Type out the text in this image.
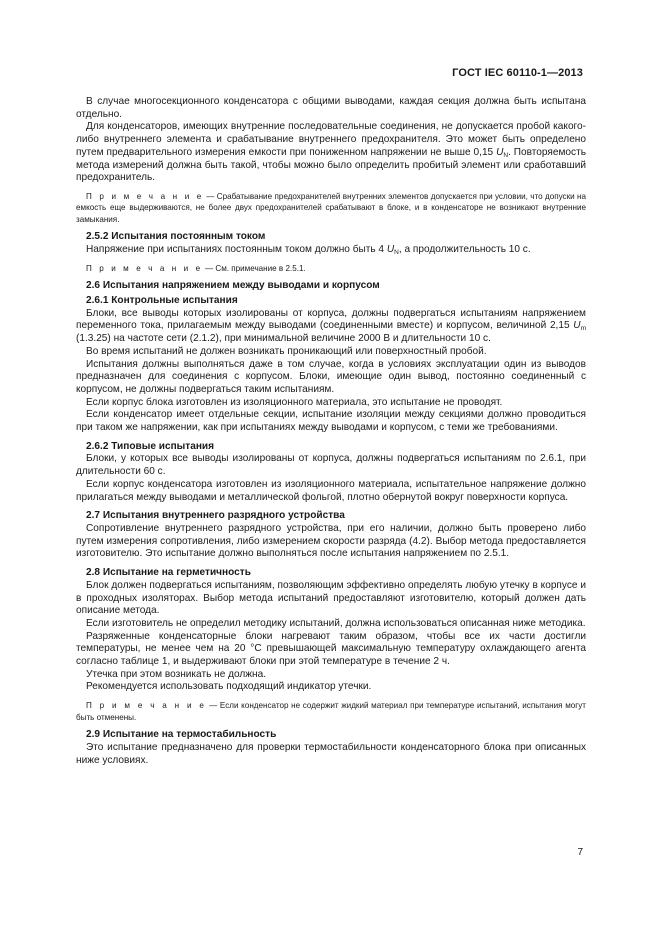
ГОСТ IEC 60110-1—2013

В случае многосекционного конденсатора с общими выводами, каждая секция должна быть испытана отдельно.

Для конденсаторов, имеющих внутренние последовательные соединения, не допускается пробой какого-либо внутреннего элемента и срабатывание внутреннего предохранителя. Это может быть определено путем предварительного измерения емкости при пониженном напряжении не выше 0,15 $U_N$. Повторяемость метода измерений должна быть такой, чтобы можно было определить пробитый элемент или сработавший предохранитель.

П р и м е ч а н и е — Срабатывание предохранителей внутренних элементов допускается при условии, что допуски на емкость еще выдерживаются, не более двух предохранителей срабатывают в блоке, и в конденсаторе не возникают внутренние замыкания.

2.5.2 Испытания постоянным током

Напряжение при испытаниях постоянным током должно быть 4 $U_N$, а продолжительность 10 с.

П р и м е ч а н и е — См. примечание в 2.5.1.

2.6 Испытания напряжением между выводами и корпусом
2.6.1 Контрольные испытания

Блоки, все выводы которых изолированы от корпуса, должны подвергаться испытаниям напряжением переменного тока, прилагаемым между выводами (соединенными вместе) и корпусом, величиной 2,15 $U_m$ (1.3.25) на частоте сети (2.1.2), при минимальной величине 2000 В и длительности 10 с.

Во время испытаний не должен возникать проникающий или поверхностный пробой.

Испытания должны выполняться даже в том случае, когда в условиях эксплуатации один из выводов предназначен для соединения с корпусом. Блоки, имеющие один вывод, постоянно соединенный с корпусом, не должны подвергаться таким испытаниям.

Если корпус блока изготовлен из изоляционного материала, это испытание не проводят.

Если конденсатор имеет отдельные секции, испытание изоляции между секциями должно проводиться при таком же напряжении, как при испытаниях между выводами и корпусом, с теми же требованиями.

2.6.2 Типовые испытания

Блоки, у которых все выводы изолированы от корпуса, должны подвергаться испытаниям по 2.6.1, при длительности 60 с.

Если корпус конденсатора изготовлен из изоляционного материала, испытательное напряжение должно прилагаться между выводами и металлической фольгой, плотно обернутой вокруг поверхности корпуса.

2.7 Испытания внутреннего разрядного устройства

Сопротивление внутреннего разрядного устройства, при его наличии, должно быть проверено либо путем измерения сопротивления, либо измерением скорости разряда (4.2). Выбор метода предоставляется изготовителю. Это испытание должно выполняться после испытания напряжением по 2.5.1.

2.8 Испытание на герметичность

Блок должен подвергаться испытаниям, позволяющим эффективно определять любую утечку в корпусе и в проходных изоляторах. Выбор метода испытаний предоставляют изготовителю, который должен дать описание метода.

Если изготовитель не определил методику испытаний, должна использоваться описанная ниже методика.

Разряженные конденсаторные блоки нагревают таким образом, чтобы все их части достигли температуры, не менее чем на 20 °С превышающей максимальную температуру охлаждающего агента согласно таблице 1, и выдерживают блоки при этой температуре в течение 2 ч.

Утечка при этом возникать не должна.

Рекомендуется использовать подходящий индикатор утечки.

П р и м е ч а н и е — Если конденсатор не содержит жидкий материал при температуре испытаний, испытания могут быть отменены.

2.9 Испытание на термостабильность

Это испытание предназначено для проверки термостабильности конденсаторного блока при описанных ниже условиях.

7
